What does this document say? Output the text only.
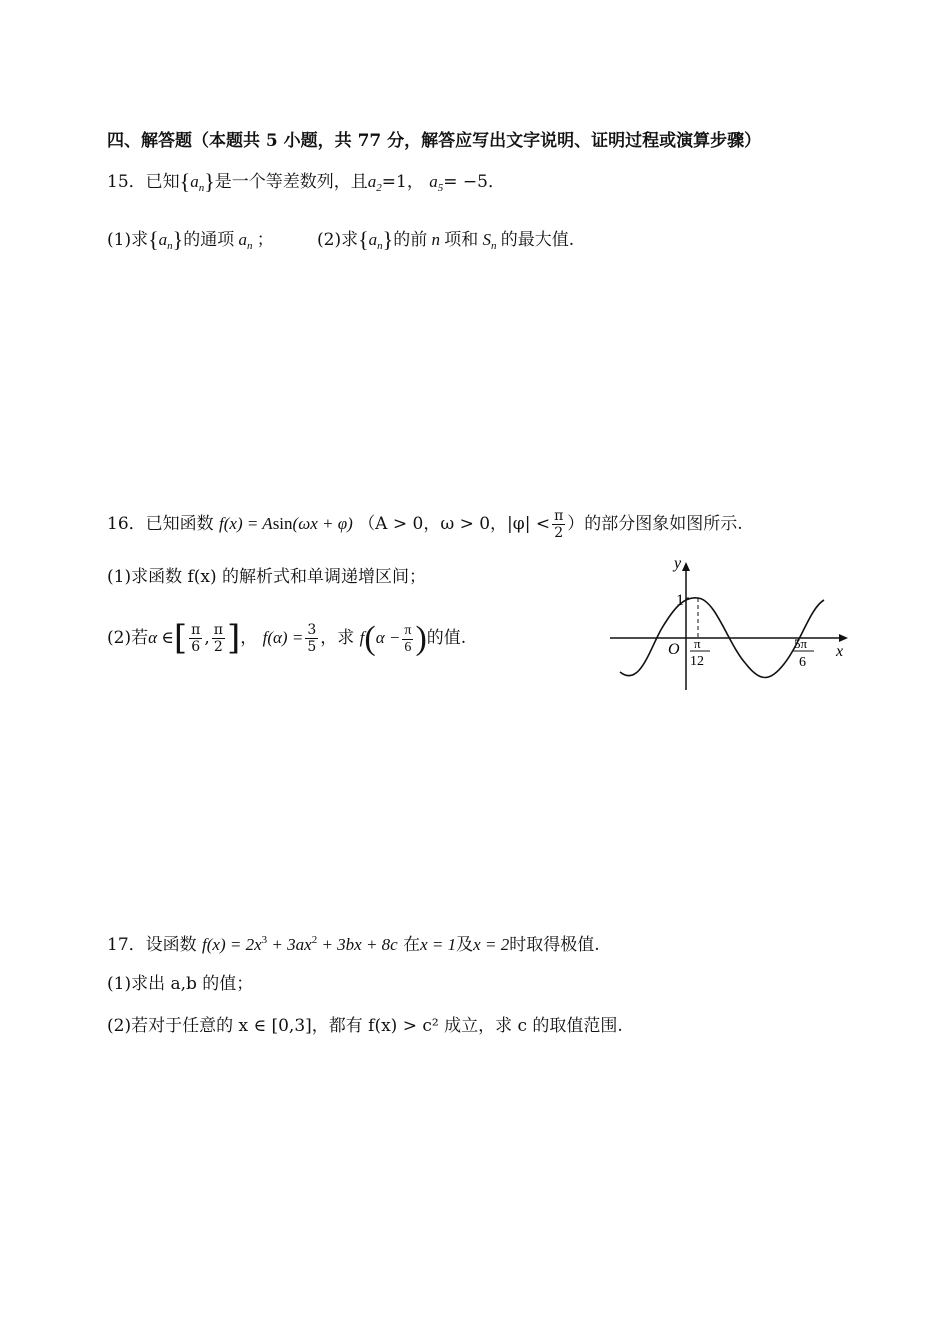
四、解答题（本题共 5 小题，共 77 分，解答应写出文字说明、证明过程或演算步骤）
15．已知$\{a_n\}$是一个等差数列，且$a_2=1$， $a_5= -5$．
(1)求$\{a_n\}$的通项 $a_n$ ；	(2)求$\{a_n\}$的前 n 项和 $S_n$ 的最大值.
16．已知函数 f(x) = Asin(ωx + φ) （A > 0，ω > 0，$|\varphi| < \frac{\pi}{2}$ ）的部分图象如图所示.
(1)求函数 f(x) 的解析式和单调递增区间；
(2)若α ∈[ $\frac{\pi}{6}$ , $\frac{\pi}{2}$ ]， $f(\alpha) = \frac{3}{5}$ ，求 $f(\alpha - \frac{\pi}{6}$ )的值.
y
x
O
1
π
12
5π
6
17．设函数 $f(x) = 2x^3 + 3ax^2 + 3bx + 8c$ 在x = 1及x = 2时取得极值.
(1)求出 a,b 的值；
(2)若对于任意的 x ∈ [0,3]，都有 f(x) > c² 成立，求 c 的取值范围.
